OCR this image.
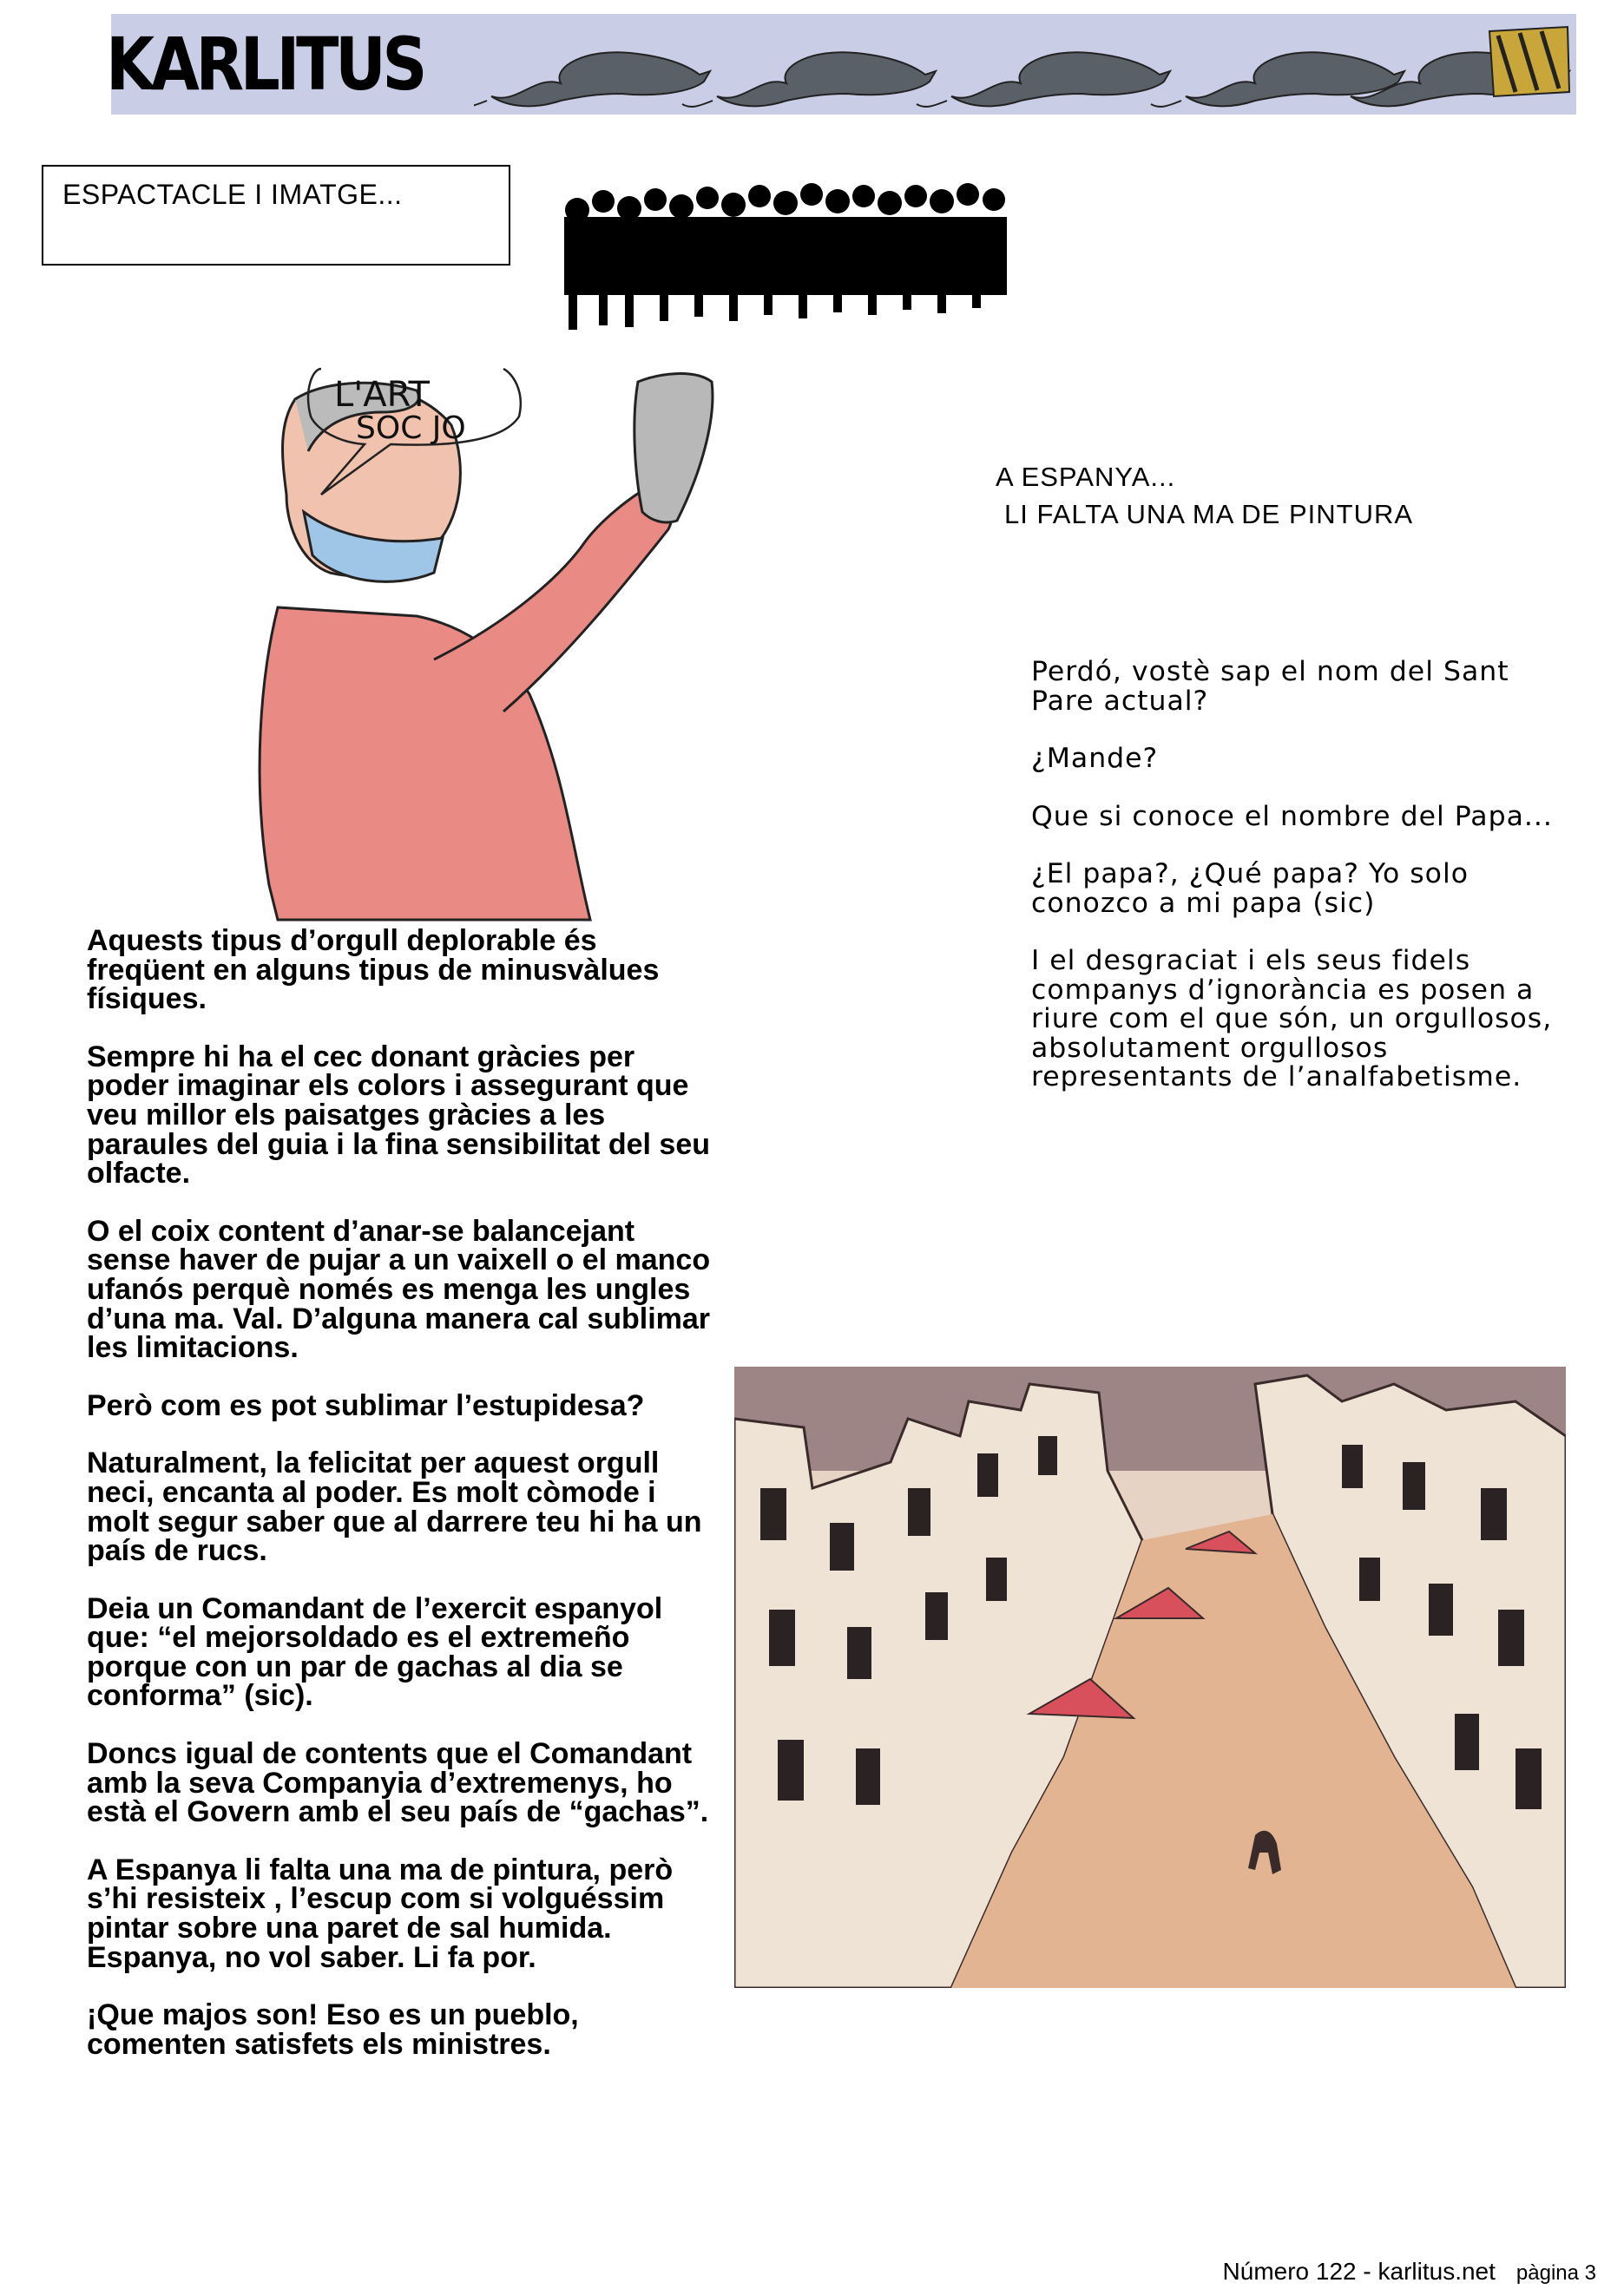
KARLITUS
ESPACTACLE I IMATGE...
L'ART
SOC JO
A ESPANYA...
LI FALTA UNA MA DE PINTURA

Perdó, vostè sap el nom del Sant Pare actual?

¿Mande?

Que si conoce el nombre del Papa...

¿El papa?, ¿Qué papa? Yo solo conozco a mi papa (sic)

I el desgraciat i els seus fidels companys d’ignorància es posen a riure com el que són, un orgullosos, absolutament orgullosos representants de l’analfabetisme.

Aquests tipus d’orgull deplorable és freqüent en alguns tipus de minusvàlues físiques.

Sempre hi ha el cec donant gràcies per poder imaginar els colors i assegurant que veu millor els paisatges gràcies a les paraules del guia i la fina sensibilitat del seu olfacte.

O el coix content d’anar-se balancejant sense haver de pujar a un vaixell o el manco ufanós perquè només es menga les ungles d’una ma. Val. D’alguna manera cal sublimar les limitacions.

Però com es pot sublimar l’estupidesa?

Naturalment, la felicitat per aquest orgull neci, encanta al poder. Es molt còmode i molt segur saber que al darrere teu hi ha un país de rucs.

Deia un Comandant de l’exercit espanyol que: “el mejorsoldado es el extremeño porque con un par de gachas al dia se conforma” (sic).

Doncs igual de contents que el Comandant amb la seva Companyia d’extremenys, ho està el Govern amb el seu país de “gachas”.

A Espanya li falta una ma de pintura, però s’hi resisteix , l’escup com si volguéssim pintar sobre una paret de sal humida. Espanya, no vol saber. Li fa por.

¡Que majos son! Eso es un pueblo, comenten satisfets els ministres.

Número 122 - karlitus.net pàgina 3
